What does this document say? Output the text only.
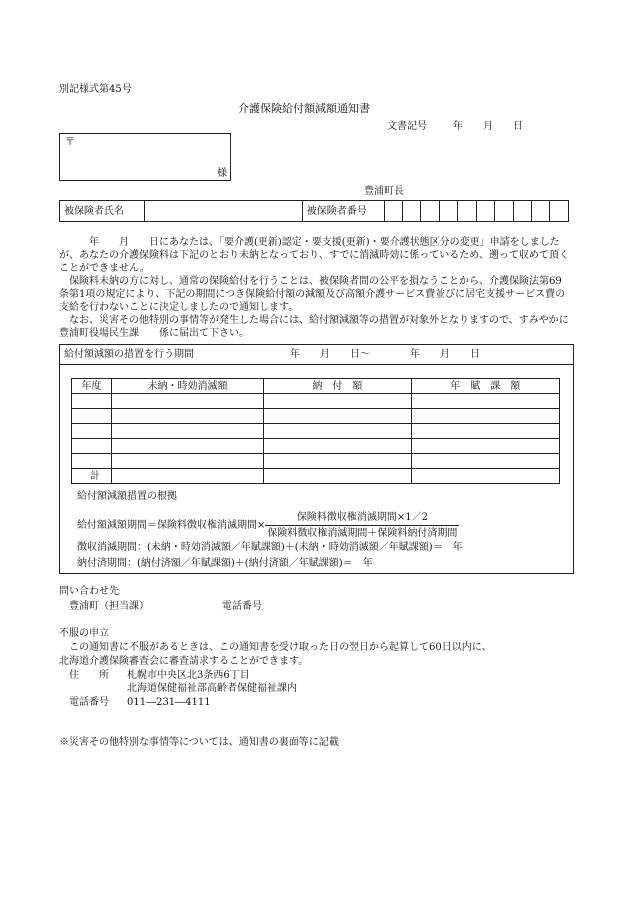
別記様式第45号
介護保険給付額減額通知書
文書記号	年　　月　　日
〒
様
豊浦町長
被保険者氏名		被保険者番号										

　　　年　　月　　日にあなたは、「要介護(更新)認定・要支援(更新)・要介護状態区分の変更」申請をしましたが、あなたの介護保険料は下記のとおり未納となっており、すでに消滅時効に係っているため、遡って収めて頂くことができません。

　保険料未納の方に対し、通常の保険給付を行うことは、被保険者間の公平を損なうことから、介護保険法第69条第1項の規定により、下記の期間につき保険給付額の減額及び高額介護サービス費並びに居宅支援サービス費の支給を行わないことに決定しましたので通知します。

　なお、災害その他特別の事情等が発生した場合には、給付額減額等の措置が対象外となりますので、すみやかに豊浦町役場民生課　　係に届出て下さい。

給付額減額の措置を行う期間	年　　月　　日～　　　　年　　月　　日
年度	未納・時効消滅額	納　付　額	年　賦　課　額

計			
給付額減額措置の根拠
給付額減額期間＝保険料徴収権消滅期間× $\frac{\text{保険料徴収権消滅期間×1／2}}{\text{保険料徴収権消滅期間＋保険料納付済期間}}$
徴収消滅期間：(未納・時効消滅額／年賦課額)＋(未納・時効消滅額／年賦課額)＝　年
納付済期間：(納付済額／年賦課額)＋(納付済額／年賦課額)＝　年
問い合わせ先
豊浦町（担当課）	電話番号
不服の申立
　この通知書に不服があるときは、この通知書を受け取った日の翌日から起算して60日以内に、
北海道介護保険審査会に審査請求することができます。
住　　所 札幌市中央区北3条西6丁目
北海道保健福祉部高齢者保健福祉課内
電話番号 011―231―4111
※災害その他特別な事情等については、通知書の裏面等に記載
